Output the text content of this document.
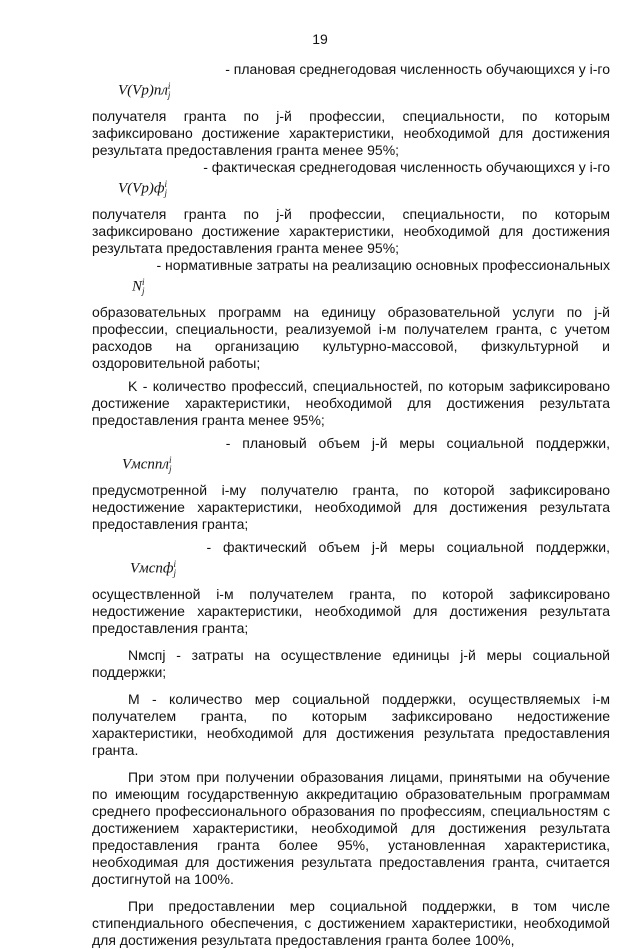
19
- плановая среднегодовая численность обучающихся у i-го
V(Vp)пл i
j

получателя гранта по j-й профессии, специальности, по которым зафиксировано достижение характеристики, необходимой для достижения результата предоставления гранта менее 95%;

- фактическая среднегодовая численность обучающихся у i-го
V(Vp)ф i
j

получателя гранта по j-й профессии, специальности, по которым зафиксировано достижение характеристики, необходимой для достижения результата предоставления гранта менее 95%;

- нормативные затраты на реализацию основных профессиональных
N i
j

образовательных программ на единицу образовательной услуги по j-й профессии, специальности, реализуемой i-м получателем гранта, с учетом расходов на организацию культурно-массовой, физкультурной и оздоровительной работы;

K - количество профессий, специальностей, по которым зафиксировано достижение характеристики, необходимой для достижения результата предоставления гранта менее 95%;

- плановый объем j-й меры социальной поддержки,
Vмсппл i
j

предусмотренной i-му получателю гранта, по которой зафиксировано недостижение характеристики, необходимой для достижения результата предоставления гранта;

- фактический объем j-й меры социальной поддержки,
Vмспф i
j

осуществленной i-м получателем гранта, по которой зафиксировано недостижение характеристики, необходимой для достижения результата предоставления гранта;

Nмспj - затраты на осуществление единицы j-й меры социальной поддержки;

M - количество мер социальной поддержки, осуществляемых i-м получателем гранта, по которым зафиксировано недостижение характеристики, необходимой для достижения результата предоставления гранта.

При этом при получении образования лицами, принятыми на обучение по имеющим государственную аккредитацию образовательным программам среднего профессионального образования по профессиям, специальностям с достижением характеристики, необходимой для достижения результата предоставления гранта более 95%, установленная характеристика, необходимая для достижения результата предоставления гранта, считается достигнутой на 100%.

При предоставлении мер социальной поддержки, в том числе стипендиального обеспечения, с достижением характеристики, необходимой для достижения результата предоставления гранта более 100%,
